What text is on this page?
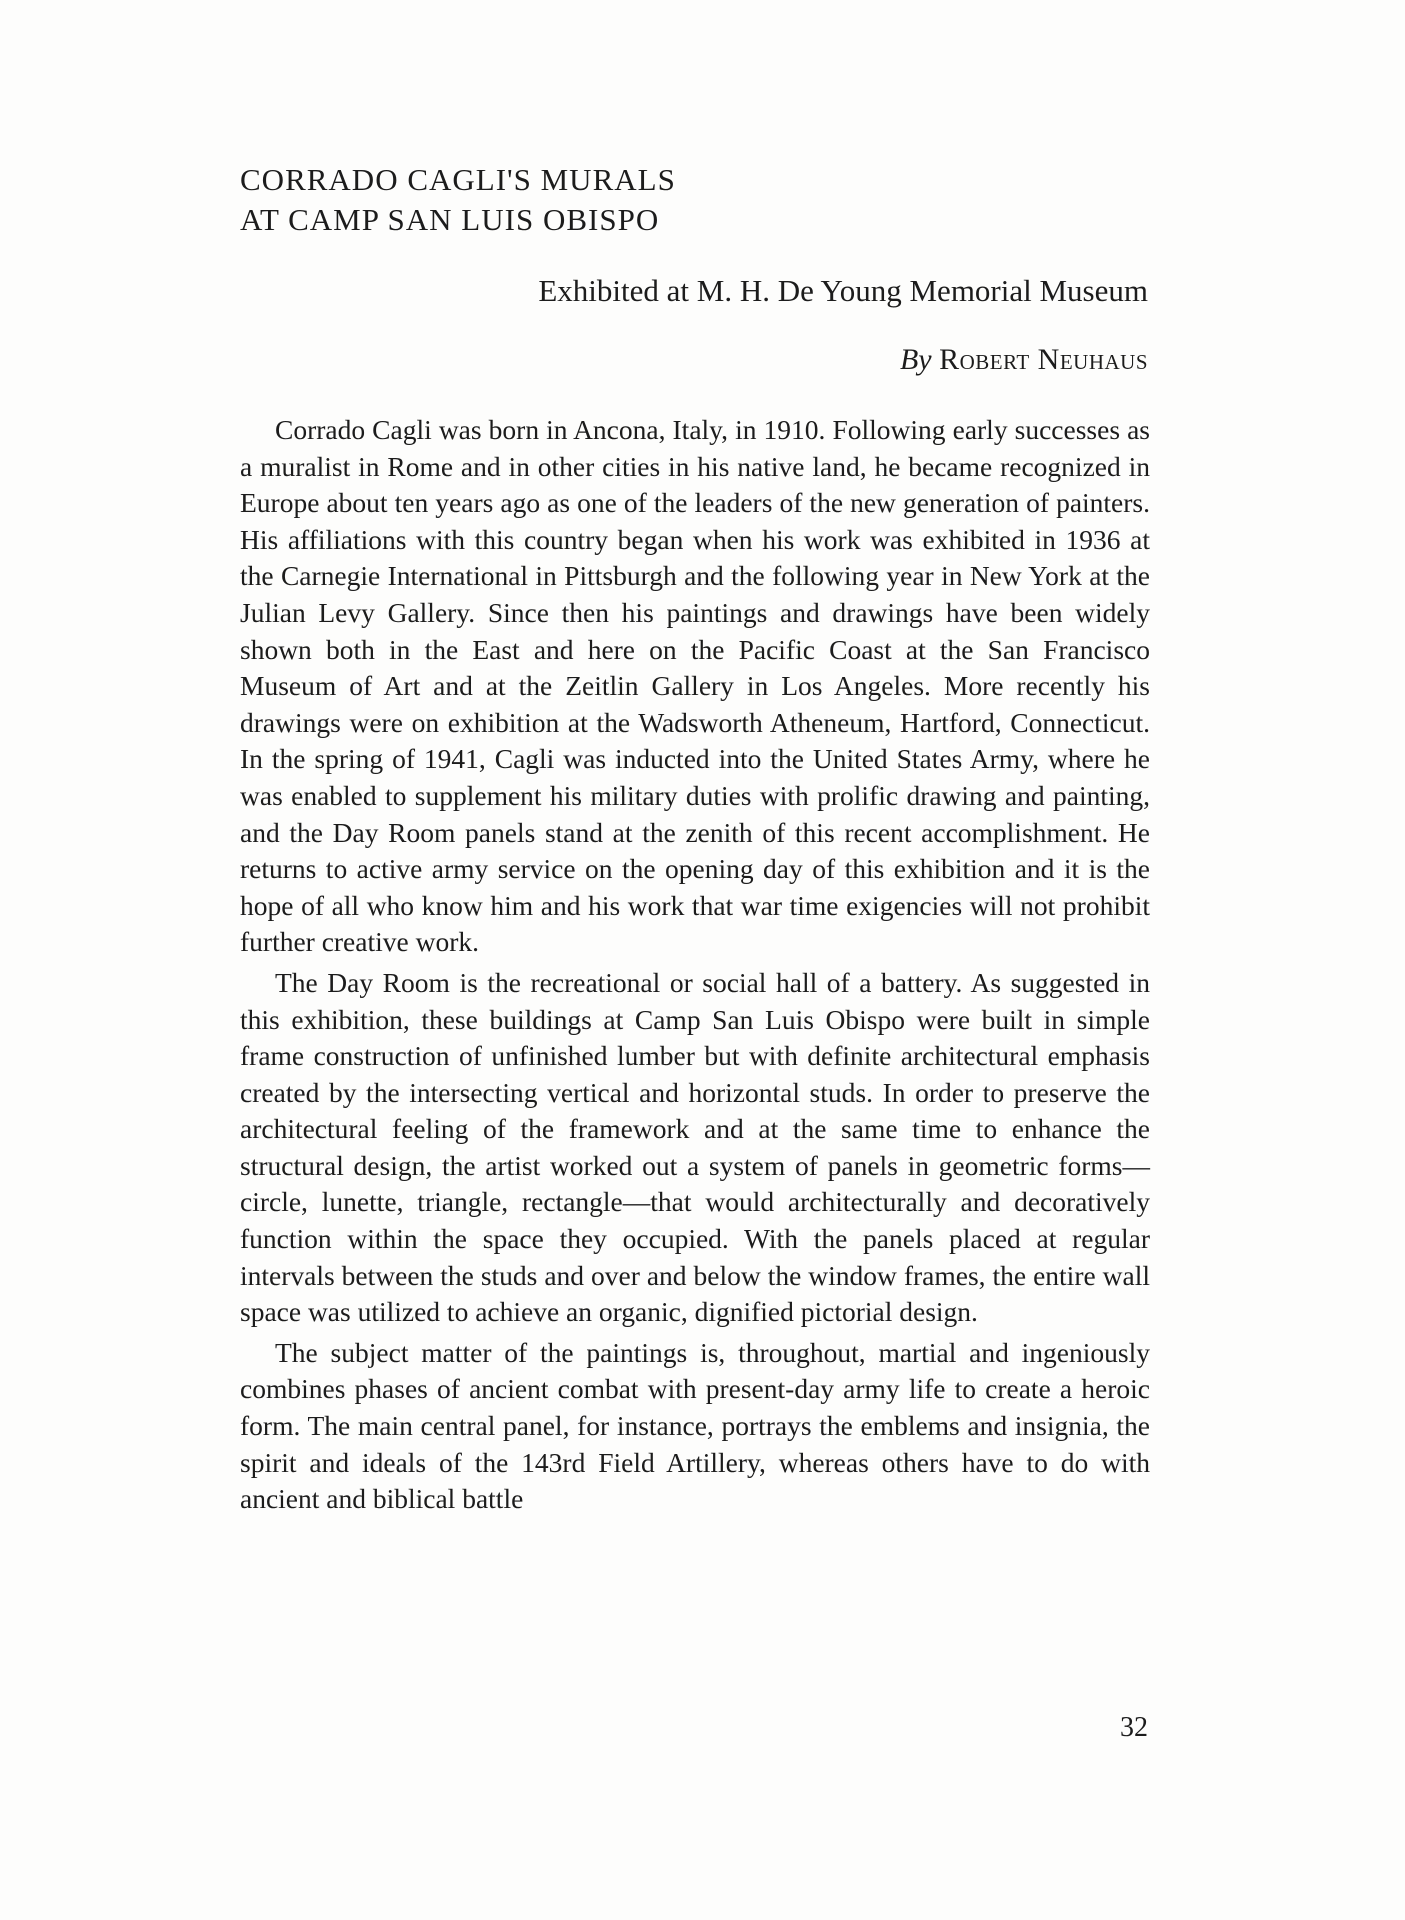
CORRADO CAGLI'S MURALS
AT CAMP SAN LUIS OBISPO
Exhibited at M. H. De Young Memorial Museum
By Robert Neuhaus

Corrado Cagli was born in Ancona, Italy, in 1910. Following early successes as a muralist in Rome and in other cities in his native land, he became recognized in Europe about ten years ago as one of the leaders of the new generation of painters. His affiliations with this country began when his work was exhibited in 1936 at the Carnegie International in Pittsburgh and the following year in New York at the Julian Levy Gallery. Since then his paintings and drawings have been widely shown both in the East and here on the Pacific Coast at the San Francisco Museum of Art and at the Zeitlin Gallery in Los Angeles. More recently his drawings were on exhibition at the Wadsworth Atheneum, Hartford, Connecticut. In the spring of 1941, Cagli was inducted into the United States Army, where he was enabled to supplement his military duties with prolific drawing and painting, and the Day Room panels stand at the zenith of this recent accomplishment. He returns to active army service on the opening day of this exhibition and it is the hope of all who know him and his work that war time exigencies will not prohibit further creative work.

The Day Room is the recreational or social hall of a battery. As suggested in this exhibition, these buildings at Camp San Luis Obispo were built in simple frame construction of unfinished lumber but with definite architectural emphasis created by the intersecting vertical and horizontal studs. In order to preserve the architectural feeling of the framework and at the same time to enhance the structural design, the artist worked out a system of panels in geometric forms—circle, lunette, triangle, rectangle—that would architecturally and decoratively function within the space they occupied. With the panels placed at regular intervals between the studs and over and below the window frames, the entire wall space was utilized to achieve an organic, dignified pictorial design.

The subject matter of the paintings is, throughout, martial and ingeniously combines phases of ancient combat with present-day army life to create a heroic form. The main central panel, for instance, portrays the emblems and insignia, the spirit and ideals of the 143rd Field Artillery, whereas others have to do with ancient and biblical battle

32
